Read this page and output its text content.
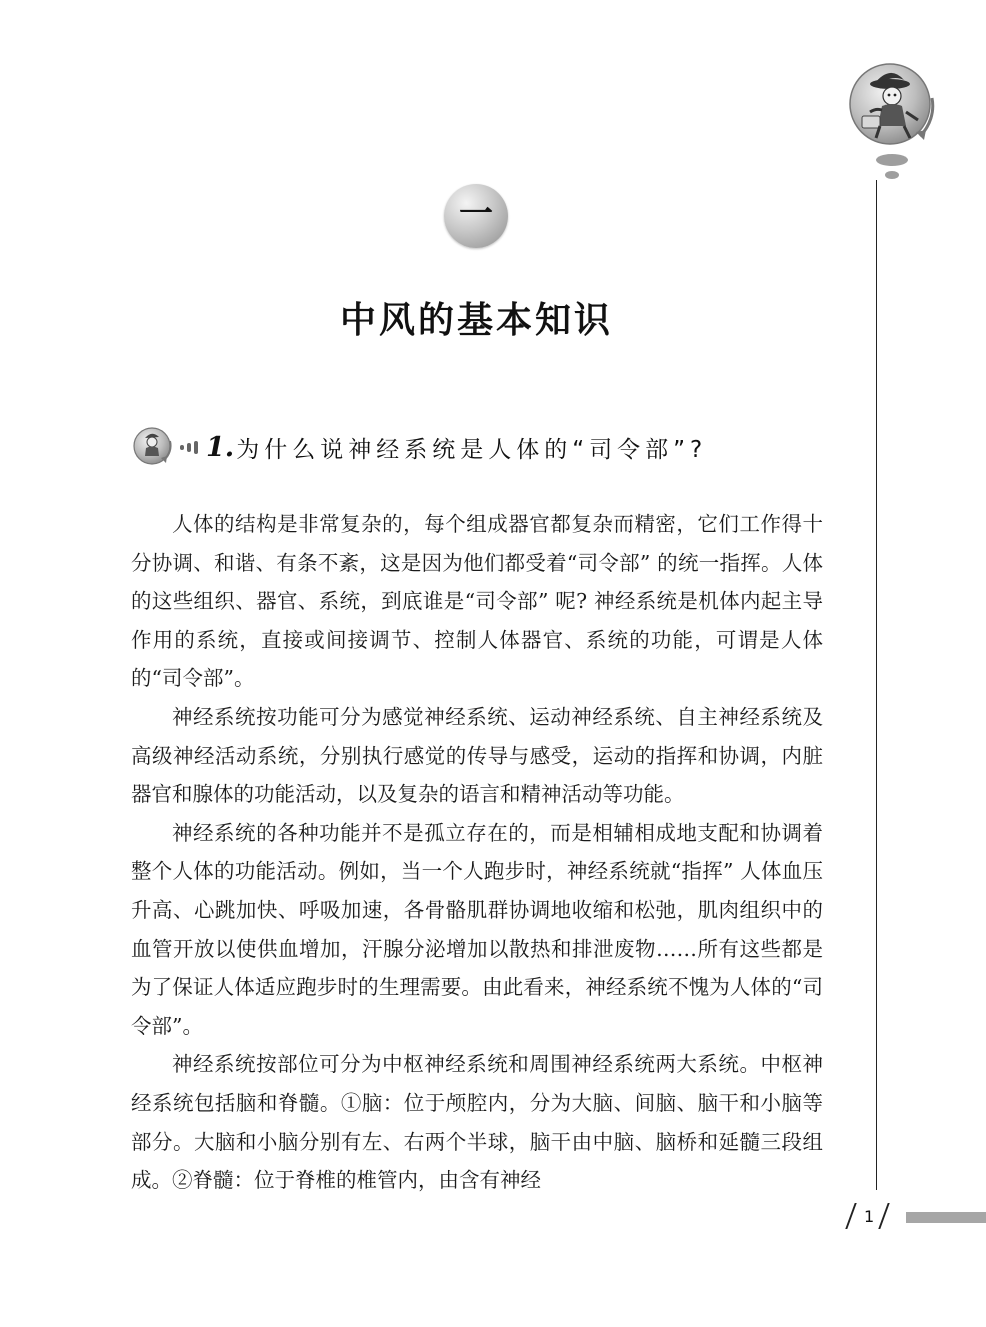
一
中风的基本知识
1. 为什么说神经系统是人体的“司令部”?

人体的结构是非常复杂的，每个组成器官都复杂而精密，它们工作得十分协调、和谐、有条不紊，这是因为他们都受着“司令部” 的统一指挥。人体的这些组织、器官、系统，到底谁是“司令部” 呢? 神经系统是机体内起主导作用的系统，直接或间接调节、控制人体器官、系统的功能，可谓是人体的“司令部”。

神经系统按功能可分为感觉神经系统、运动神经系统、自主神经系统及高级神经活动系统，分别执行感觉的传导与感受，运动的指挥和协调，内脏器官和腺体的功能活动，以及复杂的语言和精神活动等功能。

神经系统的各种功能并不是孤立存在的，而是相辅相成地支配和协调着整个人体的功能活动。例如，当一个人跑步时，神经系统就“指挥” 人体血压升高、心跳加快、呼吸加速，各骨骼肌群协调地收缩和松弛，肌肉组织中的血管开放以使供血增加，汗腺分泌增加以散热和排泄废物……所有这些都是为了保证人体适应跑步时的生理需要。由此看来，神经系统不愧为人体的“司令部”。

神经系统按部位可分为中枢神经系统和周围神经系统两大系统。中枢神经系统包括脑和脊髓。①脑：位于颅腔内，分为大脑、间脑、脑干和小脑等部分。大脑和小脑分别有左、右两个半球，脑干由中脑、脑桥和延髓三段组成。②脊髓：位于脊椎的椎管内，由含有神经

1
